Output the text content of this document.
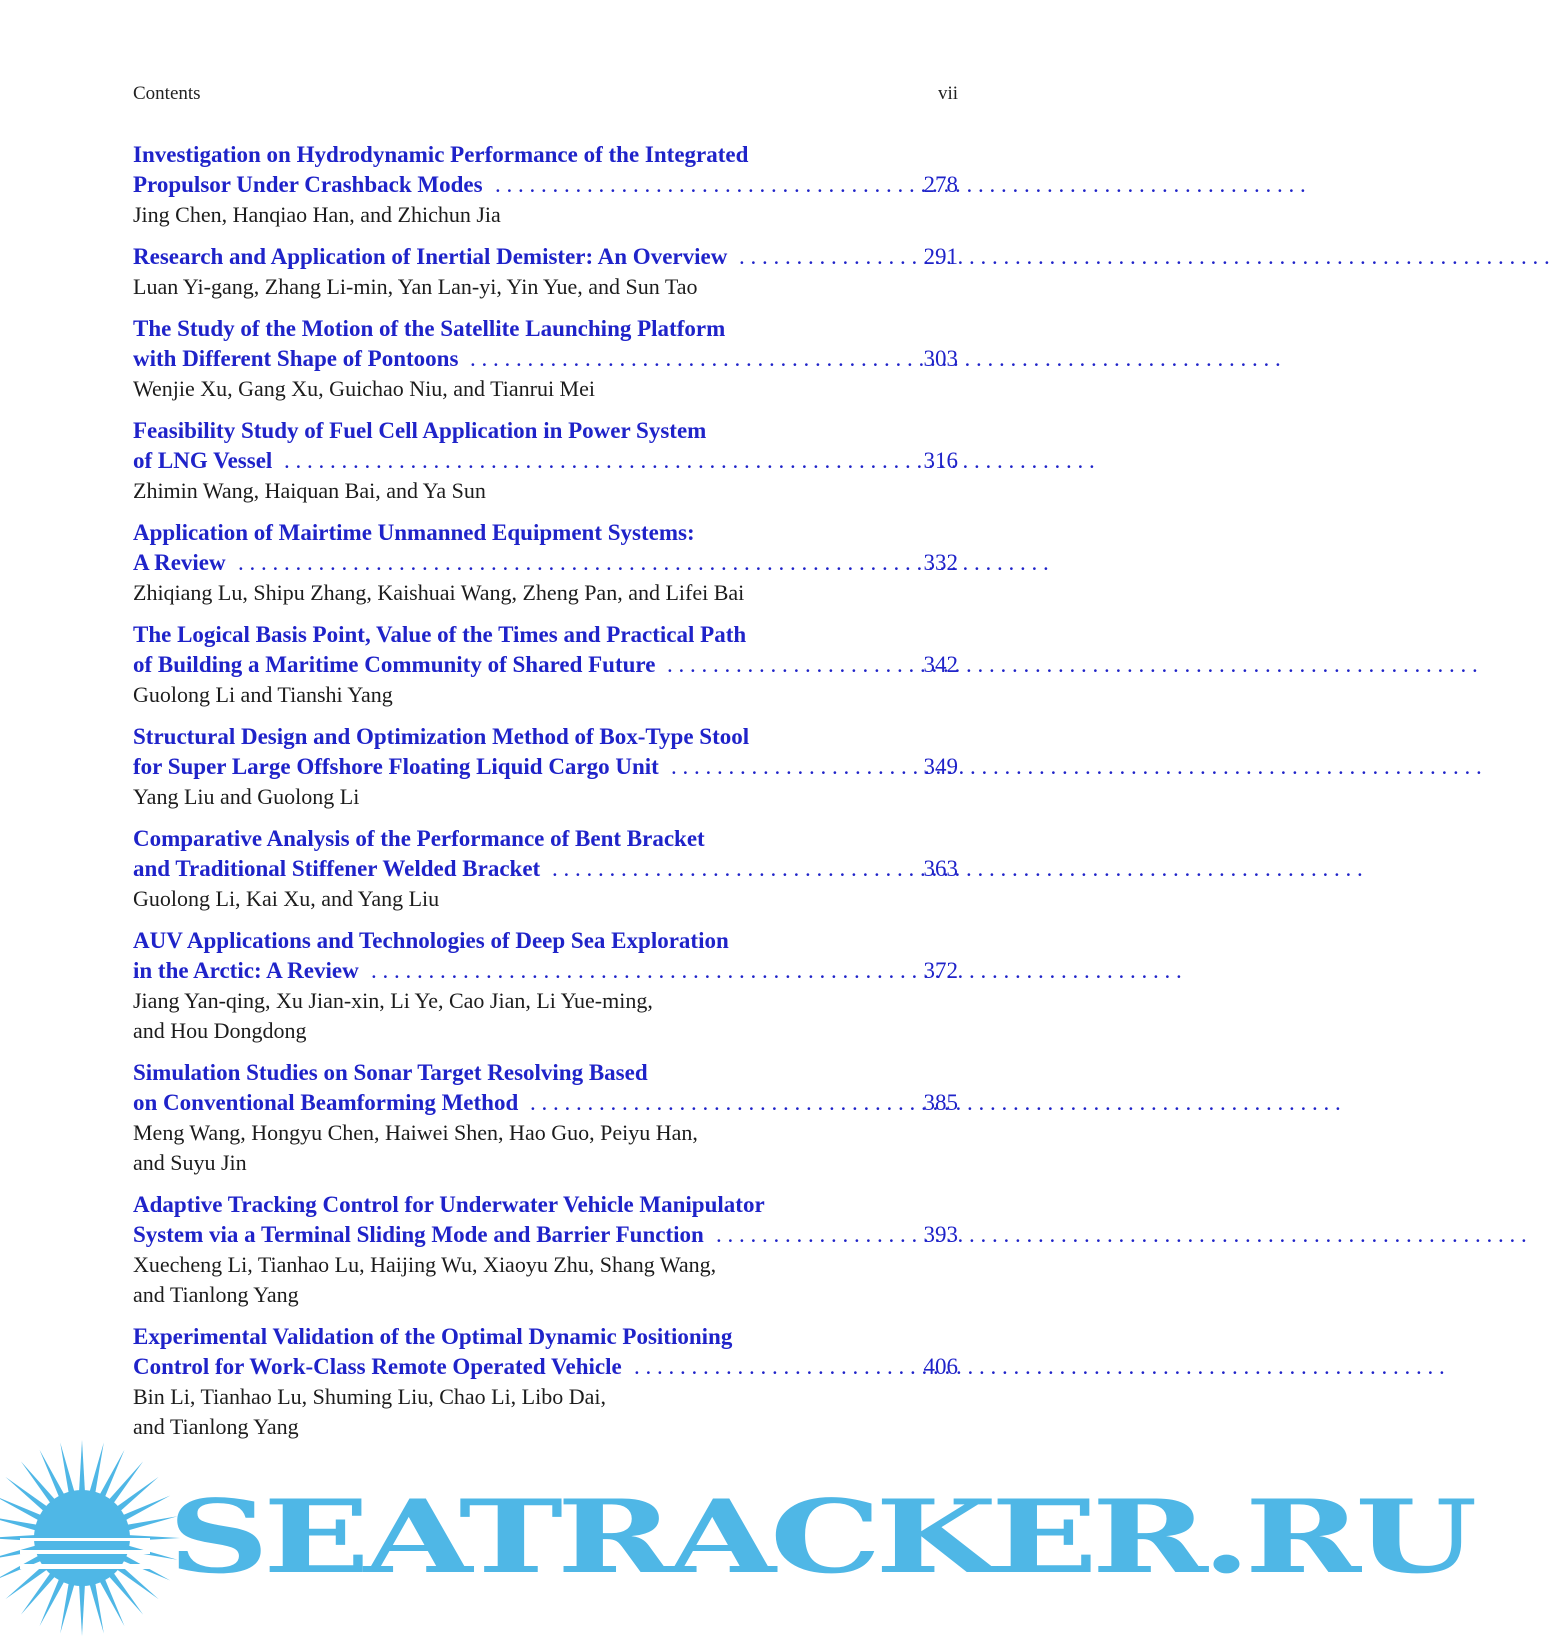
Contents	vii
Investigation on Hydrodynamic Performance of the Integrated
Propulsor Under Crashback Modes . . .	278
Jing Chen, Hanqiao Han, and Zhichun Jia
Research and Application of Inertial Demister: An Overview . . .	291
Luan Yi-gang, Zhang Li-min, Yan Lan-yi, Yin Yue, and Sun Tao
The Study of the Motion of the Satellite Launching Platform
with Different Shape of Pontoons . . .	303
Wenjie Xu, Gang Xu, Guichao Niu, and Tianrui Mei
Feasibility Study of Fuel Cell Application in Power System
of LNG Vessel . . .	316
Zhimin Wang, Haiquan Bai, and Ya Sun
Application of Mairtime Unmanned Equipment Systems:
A Review . . .	332
Zhiqiang Lu, Shipu Zhang, Kaishuai Wang, Zheng Pan, and Lifei Bai
The Logical Basis Point, Value of the Times and Practical Path
of Building a Maritime Community of Shared Future . . .	342
Guolong Li and Tianshi Yang
Structural Design and Optimization Method of Box-Type Stool
for Super Large Offshore Floating Liquid Cargo Unit . . .	349
Yang Liu and Guolong Li
Comparative Analysis of the Performance of Bent Bracket
and Traditional Stiffener Welded Bracket . . .	363
Guolong Li, Kai Xu, and Yang Liu
AUV Applications and Technologies of Deep Sea Exploration
in the Arctic: A Review . . .	372
Jiang Yan-qing, Xu Jian-xin, Li Ye, Cao Jian, Li Yue-ming,
and Hou Dongdong
Simulation Studies on Sonar Target Resolving Based
on Conventional Beamforming Method . . .	385
Meng Wang, Hongyu Chen, Haiwei Shen, Hao Guo, Peiyu Han,
and Suyu Jin
Adaptive Tracking Control for Underwater Vehicle Manipulator
System via a Terminal Sliding Mode and Barrier Function . . .	393
Xuecheng Li, Tianhao Lu, Haijing Wu, Xiaoyu Zhu, Shang Wang,
and Tianlong Yang
Experimental Validation of the Optimal Dynamic Positioning
Control for Work-Class Remote Operated Vehicle . . .	406
Bin Li, Tianhao Lu, Shuming Liu, Chao Li, Libo Dai,
and Tianlong Yang
SEATRACKER.RU
